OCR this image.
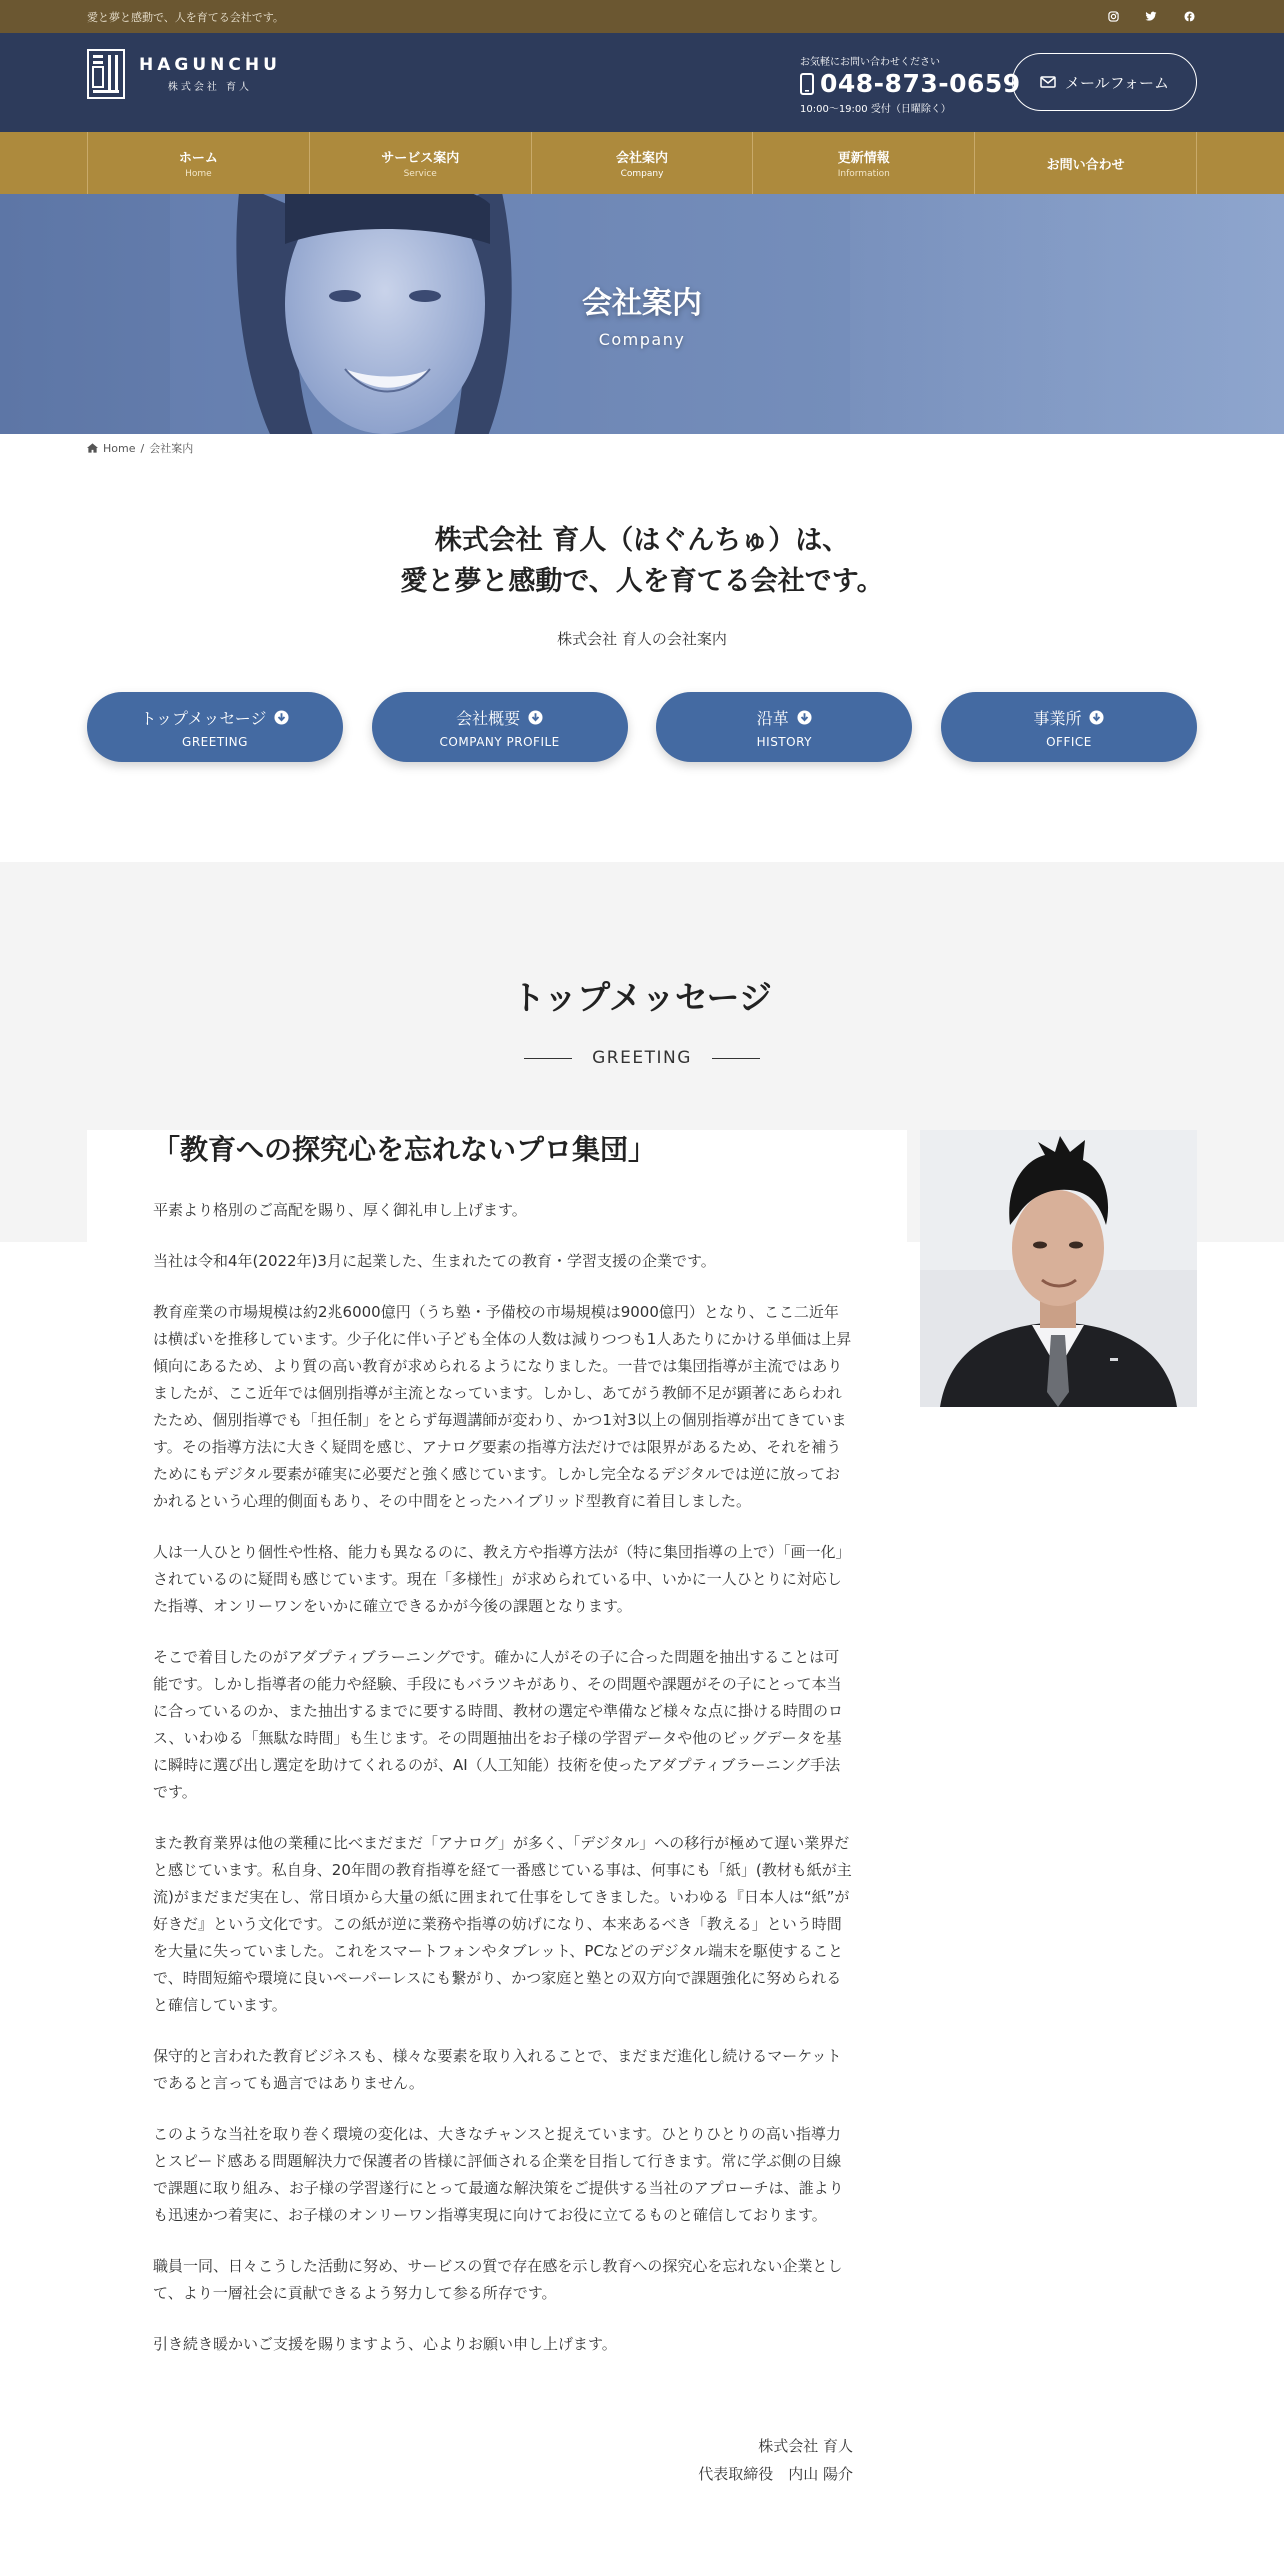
愛と夢と感動で、人を育てる会社です。
HAGUNCHU
株式会社 育人
お気軽にお問い合わせください
048-873-0659
10:00～19:00 受付（日曜除く）
メールフォーム
ホーム
Home
サービス案内
Service
会社案内
Company
更新情報
Information
お問い合わせ
会社案内
Company
Home / 会社案内
株式会社 育人（はぐんちゅ）は、
愛と夢と感動で、人を育てる会社です。
株式会社 育人の会社案内
トップメッセージ
GREETING
会社概要
COMPANY PROFILE
沿革
HISTORY
事業所
OFFICE
トップメッセージ
GREETING
「教育への探究心を忘れないプロ集団」

平素より格別のご高配を賜り、厚く御礼申し上げます。

当社は令和4年(2022年)3月に起業した、生まれたての教育・学習支援の企業です。

教育産業の市場規模は約2兆6000億円（うち塾・予備校の市場規模は9000億円）となり、ここ二近年は横ばいを推移しています。少子化に伴い子ども全体の人数は減りつつも1人あたりにかける単価は上昇傾向にあるため、より質の高い教育が求められるようになりました。一昔では集団指導が主流ではありましたが、ここ近年では個別指導が主流となっています。しかし、あてがう教師不足が顕著にあらわれたため、個別指導でも「担任制」をとらず毎週講師が変わり、かつ1対3以上の個別指導が出てきています。その指導方法に大きく疑問を感じ、アナログ要素の指導方法だけでは限界があるため、それを補うためにもデジタル要素が確実に必要だと強く感じています。しかし完全なるデジタルでは逆に放っておかれるという心理的側面もあり、その中間をとったハイブリッド型教育に着目しました。

人は一人ひとり個性や性格、能力も異なるのに、教え方や指導方法が（特に集団指導の上で）「画一化」されているのに疑問も感じています。現在「多様性」が求められている中、いかに一人ひとりに対応した指導、オンリーワンをいかに確立できるかが今後の課題となります。

そこで着目したのがアダプティブラーニングです。確かに人がその子に合った問題を抽出することは可能です。しかし指導者の能力や経験、手段にもバラツキがあり、その問題や課題がその子にとって本当に合っているのか、また抽出するまでに要する時間、教材の選定や準備など様々な点に掛ける時間のロス、いわゆる「無駄な時間」も生じます。その問題抽出をお子様の学習データや他のビッグデータを基に瞬時に選び出し選定を助けてくれるのが、AI（人工知能）技術を使ったアダプティブラーニング手法です。

また教育業界は他の業種に比べまだまだ「アナログ」が多く、「デジタル」への移行が極めて遅い業界だと感じています。私自身、20年間の教育指導を経て一番感じている事は、何事にも「紙」(教材も紙が主流)がまだまだ実在し、常日頃から大量の紙に囲まれて仕事をしてきました。いわゆる『日本人は“紙”が好きだ』という文化です。この紙が逆に業務や指導の妨げになり、本来あるべき「教える」という時間を大量に失っていました。これをスマートフォンやタブレット、PCなどのデジタル端末を駆使することで、時間短縮や環境に良いペーパーレスにも繋がり、かつ家庭と塾との双方向で課題強化に努められると確信しています。

保守的と言われた教育ビジネスも、様々な要素を取り入れることで、まだまだ進化し続けるマーケットであると言っても過言ではありません。

このような当社を取り巻く環境の変化は、大きなチャンスと捉えています。ひとりひとりの高い指導力とスピード感ある問題解決力で保護者の皆様に評価される企業を目指して行きます。常に学ぶ側の目線で課題に取り組み、お子様の学習遂行にとって最適な解決策をご提供する当社のアプローチは、誰よりも迅速かつ着実に、お子様のオンリーワン指導実現に向けてお役に立てるものと確信しております。

職員一同、日々こうした活動に努め、サービスの質で存在感を示し教育への探究心を忘れない企業として、より一層社会に貢献できるよう努力して参る所存です。

引き続き暖かいご支援を賜りますよう、心よりお願い申し上げます。

株式会社 育人
代表取締役　内山 陽介
